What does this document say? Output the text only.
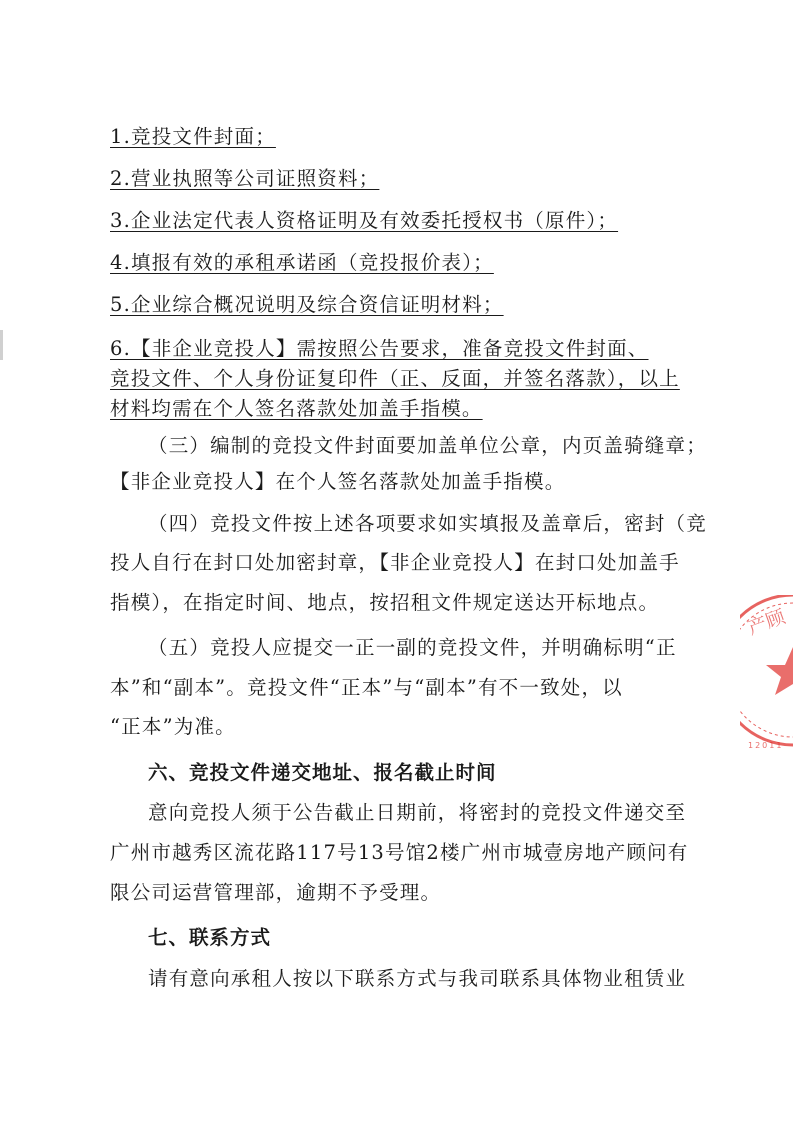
1.竞投文件封面；
2.营业执照等公司证照资料；
3.企业法定代表人资格证明及有效委托授权书（原件）；
4.填报有效的承租承诺函（竞投报价表）；
5.企业综合概况说明及综合资信证明材料；
6.【非企业竞投人】需按照公告要求，准备竞投文件封面、
竞投文件、个人身份证复印件（正、反面，并签名落款），以上
材料均需在个人签名落款处加盖手指模。
（三）编制的竞投文件封面要加盖单位公章，内页盖骑缝章；
【非企业竞投人】在个人签名落款处加盖手指模。
（四）竞投文件按上述各项要求如实填报及盖章后，密封（竞
投人自行在封口处加密封章，【非企业竞投人】在封口处加盖手
指模），在指定时间、地点，按招租文件规定送达开标地点。
（五）竞投人应提交一正一副的竞投文件，并明确标明“正
本”和“副本”。竞投文件“正本”与“副本”有不一致处，以
“正本”为准。
六、竞投文件递交地址、报名截止时间
意向竞投人须于公告截止日期前，将密封的竞投文件递交至
广州市越秀区流花路117号13号馆2楼广州市城壹房地产顾问有
限公司运营管理部，逾期不予受理。
七、联系方式
请有意向承租人按以下联系方式与我司联系具体物业租赁业
产顾
12011
